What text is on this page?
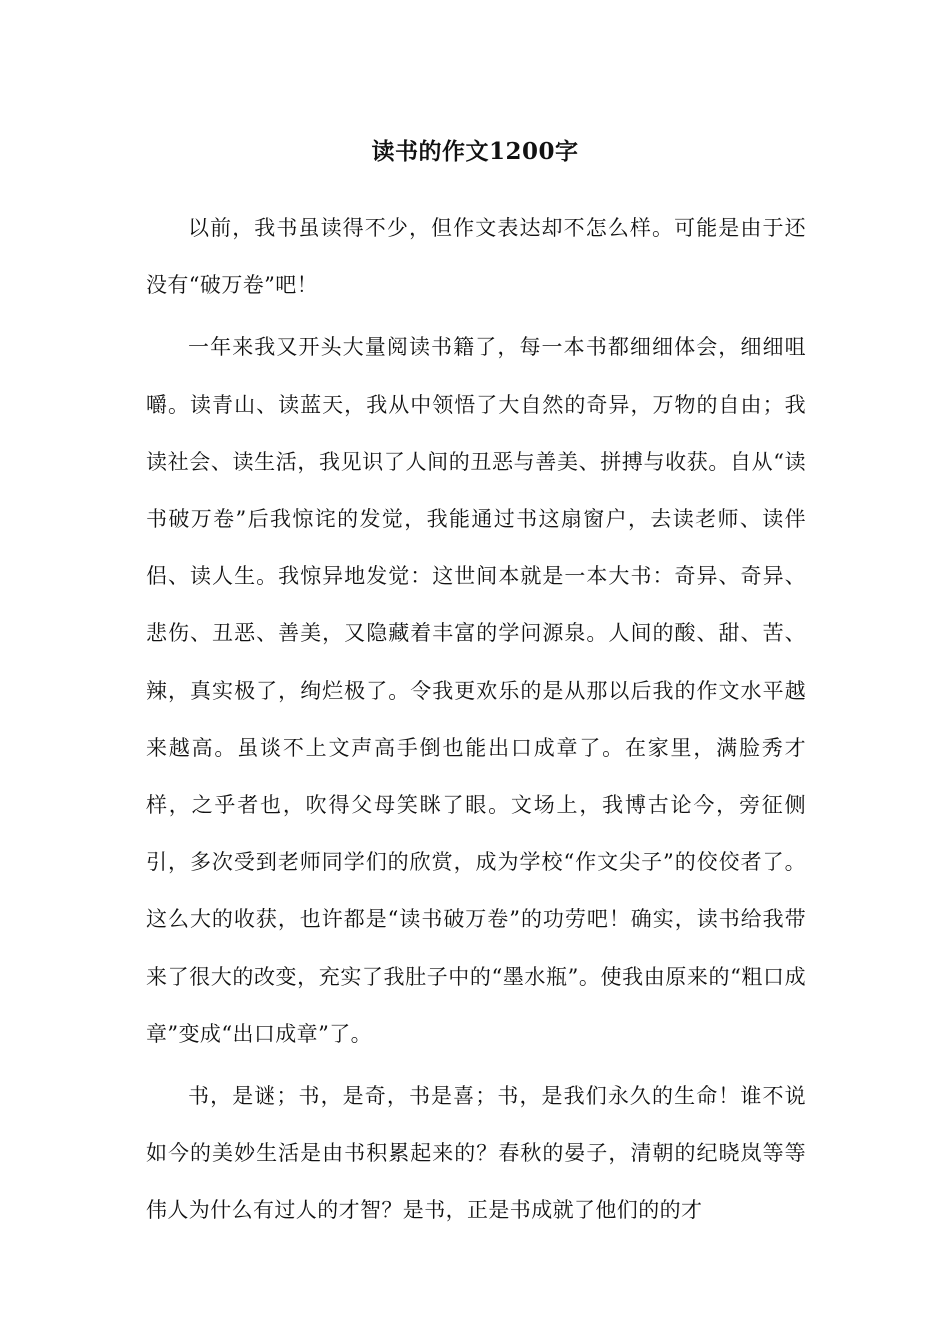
读书的作文1200字

以前，我书虽读得不少，但作文表达却不怎么样。可能是由于还没有“破万卷”吧！

一年来我又开头大量阅读书籍了，每一本书都细细体会，细细咀嚼。读青山、读蓝天，我从中领悟了大自然的奇异，万物的自由；我读社会、读生活，我见识了人间的丑恶与善美、拼搏与收获。自从“读书破万卷”后我惊诧的发觉，我能通过书这扇窗户，去读老师、读伴侣、读人生。我惊异地发觉：这世间本就是一本大书：奇异、奇异、悲伤、丑恶、善美，又隐藏着丰富的学问源泉。人间的酸、甜、苦、辣，真实极了，绚烂极了。令我更欢乐的是从那以后我的作文水平越来越高。虽谈不上文声高手倒也能出口成章了。在家里，满脸秀才样，之乎者也，吹得父母笑眯了眼。文场上，我博古论今，旁征侧引，多次受到老师同学们的欣赏，成为学校“作文尖子”的佼佼者了。这么大的收获，也许都是“读书破万卷”的功劳吧！确实，读书给我带来了很大的改变，充实了我肚子中的“墨水瓶”。使我由原来的“粗口成章”变成“出口成章”了。

书，是谜；书，是奇，书是喜；书，是我们永久的生命！谁不说如今的美妙生活是由书积累起来的？春秋的晏子，清朝的纪晓岚等等伟人为什么有过人的才智？是书，正是书成就了他们的的才
